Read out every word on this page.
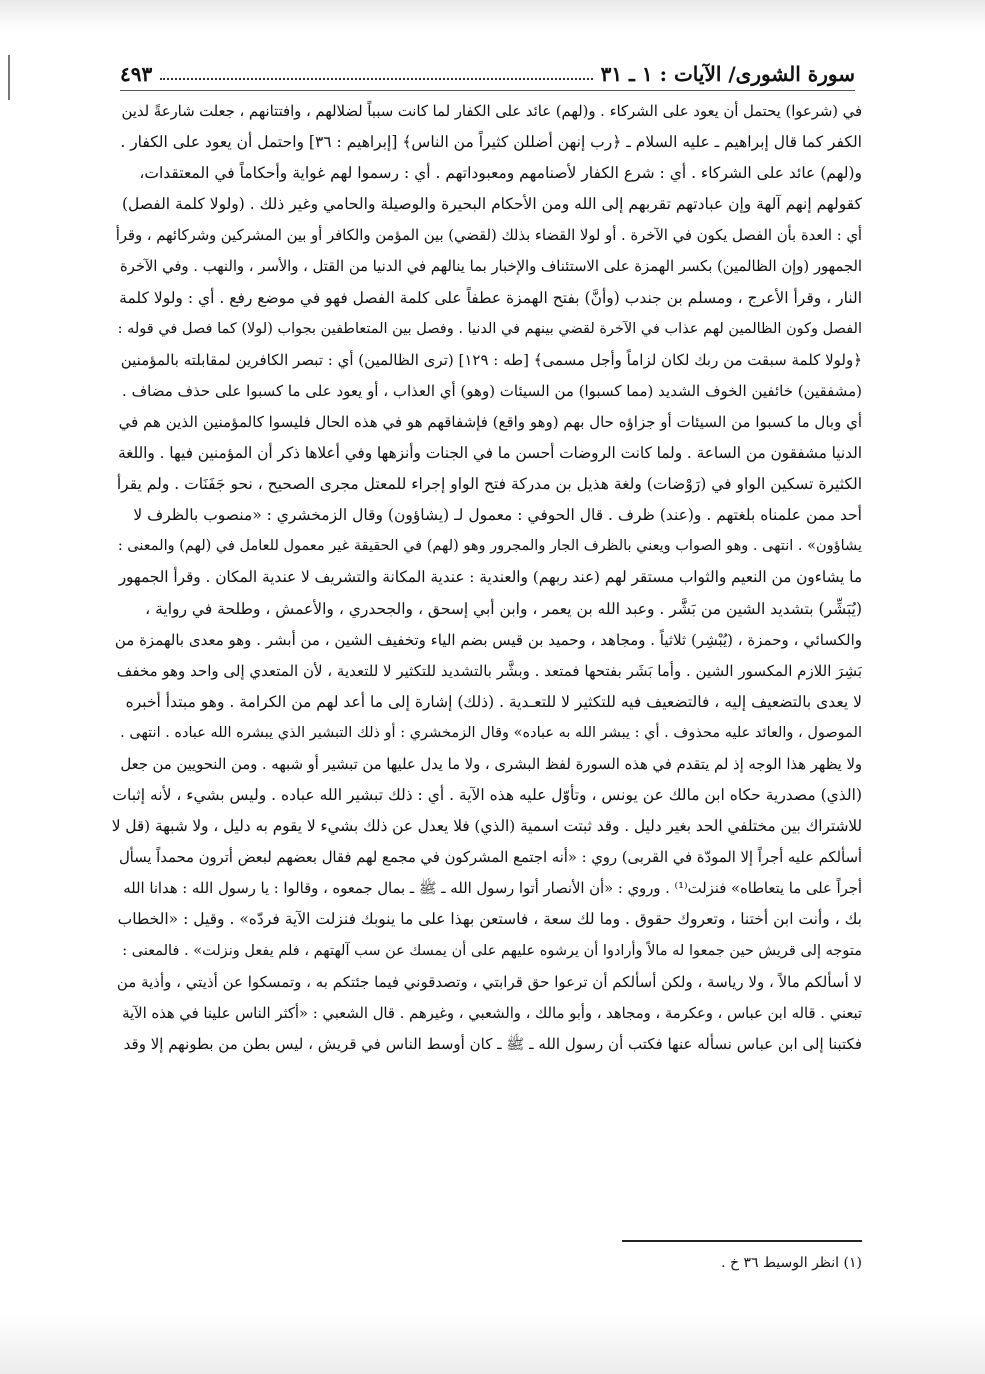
سورة الشورى/ الآيات : ١ ـ ٣١
٤٩٣
في (شرعوا) يحتمل أن يعود على الشركاء . و(لهم) عائد على الكفار لما كانت سبباً لضلالهم ، وافتتانهم ، جعلت شارعةً لدين
الكفر كما قال إبراهيم ـ عليه السلام ـ ﴿رب إنهن أضللن كثيراً من الناس﴾ [إبراهيم : ٣٦] واحتمل أن يعود على الكفار .
و(لهم) عائد على الشركاء . أي : شرع الكفار لأصنامهم ومعبوداتهم . أي : رسموا لهم غواية وأحكاماً في المعتقدات،
كقولهم إنهم آلهة وإن عبادتهم تقربهم إلى الله ومن الأحكام البحيرة والوصيلة والحامي وغير ذلك . (ولولا كلمة الفصل)
أي : العدة بأن الفصل يكون في الآخرة . أو لولا القضاء بذلك (لقضي) بين المؤمن والكافر أو بين المشركين وشركائهم ، وقرأ
الجمهور (وإن الظالمين) بكسر الهمزة على الاستئناف والإخبار بما ينالهم في الدنيا من القتل ، والأسر ، والنهب . وفي الآخرة
النار ، وقرأ الأعرج ، ومسلم بن جندب (وأنَّ) بفتح الهمزة عطفاً على كلمة الفصل فهو في موضع رفع . أي : ولولا كلمة
الفصل وكون الظالمين لهم عذاب في الآخرة لقضي بينهم في الدنيا . وفصل بين المتعاطفين بجواب (لولا) كما فصل في قوله :
﴿ولولا كلمة سبقت من ربك لكان لزاماً وأجل مسمى﴾ [طه : ١٢٩] (ترى الظالمين) أي : تبصر الكافرين لمقابلته بالمؤمنين
(مشفقين) خائفين الخوف الشديد (مما كسبوا) من السيئات (وهو) أي العذاب ، أو يعود على ما كسبوا على حذف مضاف .
أي وبال ما كسبوا من السيئات أو جزاؤه حال بهم (وهو واقع) فإشفاقهم هو في هذه الحال فليسوا كالمؤمنين الذين هم في
الدنيا مشفقون من الساعة . ولما كانت الروضات أحسن ما في الجنات وأنزهها وفي أعلاها ذكر أن المؤمنين فيها . واللغة
الكثيرة تسكين الواو في (رَوْضات) ولغة هذيل بن مدركة فتح الواو إجراء للمعتل مجرى الصحيح ، نحو جَفَنَات . ولم يقرأ
أحد ممن علمناه بلغتهم . و(عند) ظرف . قال الحوفي : معمول لـ (يشاؤون) وقال الزمخشري : «منصوب بالظرف لا
يشاؤون» . انتهى . وهو الصواب ويعني بالظرف الجار والمجرور وهو (لهم) في الحقيقة غير معمول للعامل في (لهم) والمعنى :
ما يشاءون من النعيم والثواب مستقر لهم (عند ربهم) والعندية : عندية المكانة والتشريف لا عندية المكان . وقرأ الجمهور
(يُبَشِّر) بتشديد الشين من بَشَّر . وعبد الله بن يعمر ، وابن أبي إسحق ، والجحدري ، والأعمش ، وطلحة في رواية ،
والكسائي ، وحمزة ، (يُبْشِر) ثلاثياً . ومجاهد ، وحميد بن قيس بضم الياء وتخفيف الشين ، من أبشر . وهو معدى بالهمزة من
بَشِرَ اللازم المكسور الشين . وأما بَشَر بفتحها فمتعد . وبشَّر بالتشديد للتكثير لا للتعدية ، لأن المتعدي إلى واحد وهو مخفف
لا يعدى بالتضعيف إليه ، فالتضعيف فيه للتكثير لا للتعـدية . (ذلك) إشارة إلى ما أعد لهم من الكرامة . وهو مبتدأ أخبره
الموصول ، والعائد عليه محذوف . أي : يبشر الله به عباده» وقال الزمخشري : أو ذلك التبشير الذي يبشره الله عباده . انتهى .
ولا يظهر هذا الوجه إذ لم يتقدم في هذه السورة لفظ البشرى ، ولا ما يدل عليها من تبشير أو شبهه . ومن النحويين من جعل
(الذي) مصدرية حكاه ابن مالك عن يونس ، وتأوّل عليه هذه الآية . أي : ذلك تبشير الله عباده . وليس بشيء ، لأنه إثبات
للاشتراك بين مختلفي الحد بغير دليل . وقد ثبتت اسمية (الذي) فلا يعدل عن ذلك بشيء لا يقوم به دليل ، ولا شبهة (قل لا
أسألكم عليه أجراً إلا المودّة في القربى) روي : «أنه اجتمع المشركون في مجمع لهم فقال بعضهم لبعض أترون محمداً يسأل
أجراً على ما يتعاطاه» فنزلت⁽¹⁾ . وروي : «أن الأنصار أتوا رسول الله ـ ﷺ ـ بمال جمعوه ، وقالوا : يا رسول الله : هدانا الله
بك ، وأنت ابن أختنا ، وتعروك حقوق . وما لك سعة ، فاستعن بهذا على ما ينوبك فنزلت الآية فردّه» . وقيل : «الخطاب
متوجه إلى قريش حين جمعوا له مالاً وأرادوا أن يرشوه عليهم على أن يمسك عن سب آلهتهم ، فلم يفعل ونزلت» . فالمعنى :
لا أسألكم مالاً ، ولا رياسة ، ولكن أسألكم أن ترعوا حق قرابتي ، وتصدقوني فيما جئتكم به ، وتمسكوا عن أذيتي ، وأذية من
تبعني . قاله ابن عباس ، وعكرمة ، ومجاهد ، وأبو مالك ، والشعبي ، وغيرهم . قال الشعبي : «أكثر الناس علينا في هذه الآية
فكتبنا إلى ابن عباس نسأله عنها فكتب أن رسول الله ـ ﷺ ـ كان أوسط الناس في قريش ، ليس بطن من بطونهم إلا وقد
(١) انظر الوسيط ٣٦ خ .
